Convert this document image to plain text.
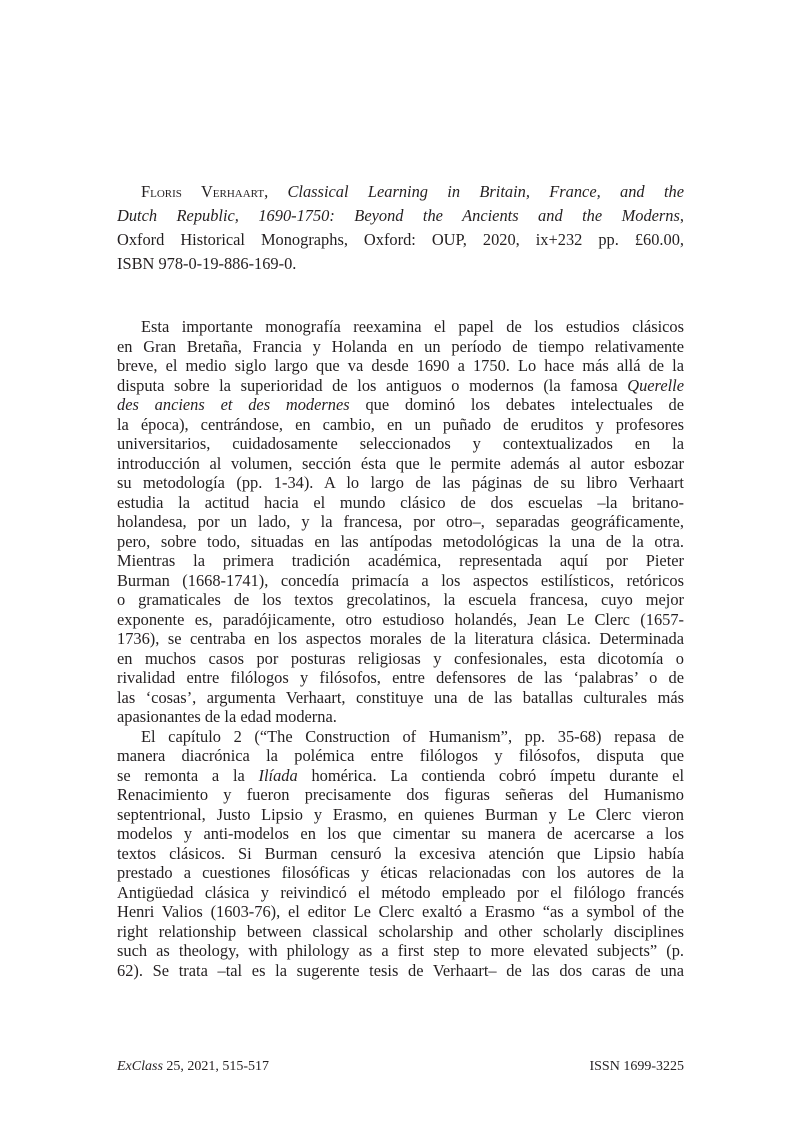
Floris Verhaart, Classical Learning in Britain, France, and the
Dutch Republic, 1690-1750: Beyond the Ancients and the Moderns,
Oxford Historical Monographs, Oxford: OUP, 2020, ix+232 pp. £60.00,
ISBN 978-0-19-886-169-0.
Esta importante monografía reexamina el papel de los estudios clásicos
en Gran Bretaña, Francia y Holanda en un período de tiempo relativamente
breve, el medio siglo largo que va desde 1690 a 1750. Lo hace más allá de la
disputa sobre la superioridad de los antiguos o modernos (la famosa Querelle
des anciens et des modernes que dominó los debates intelectuales de
la época), centrándose, en cambio, en un puñado de eruditos y profesores
universitarios, cuidadosamente seleccionados y contextualizados en la
introducción al volumen, sección ésta que le permite además al autor esbozar
su metodología (pp. 1-34). A lo largo de las páginas de su libro Verhaart
estudia la actitud hacia el mundo clásico de dos escuelas –la britano-
holandesa, por un lado, y la francesa, por otro–, separadas geográficamente,
pero, sobre todo, situadas en las antípodas metodológicas la una de la otra.
Mientras la primera tradición académica, representada aquí por Pieter
Burman (1668-1741), concedía primacía a los aspectos estilísticos, retóricos
o gramaticales de los textos grecolatinos, la escuela francesa, cuyo mejor
exponente es, paradójicamente, otro estudioso holandés, Jean Le Clerc (1657-
1736), se centraba en los aspectos morales de la literatura clásica. Determinada
en muchos casos por posturas religiosas y confesionales, esta dicotomía o
rivalidad entre filólogos y filósofos, entre defensores de las ‘palabras’ o de
las ‘cosas’, argumenta Verhaart, constituye una de las batallas culturales más
apasionantes de la edad moderna.
El capítulo 2 (“The Construction of Humanism”, pp. 35-68) repasa de
manera diacrónica la polémica entre filólogos y filósofos, disputa que
se remonta a la Ilíada homérica. La contienda cobró ímpetu durante el
Renacimiento y fueron precisamente dos figuras señeras del Humanismo
septentrional, Justo Lipsio y Erasmo, en quienes Burman y Le Clerc vieron
modelos y anti-modelos en los que cimentar su manera de acercarse a los
textos clásicos. Si Burman censuró la excesiva atención que Lipsio había
prestado a cuestiones filosóficas y éticas relacionadas con los autores de la
Antigüedad clásica y reivindicó el método empleado por el filólogo francés
Henri Valios (1603-76), el editor Le Clerc exaltó a Erasmo “as a symbol of the
right relationship between classical scholarship and other scholarly disciplines
such as theology, with philology as a first step to more elevated subjects” (p.
62). Se trata –tal es la sugerente tesis de Verhaart– de las dos caras de una
ExClass 25, 2021, 515-517	ISSN 1699-3225
